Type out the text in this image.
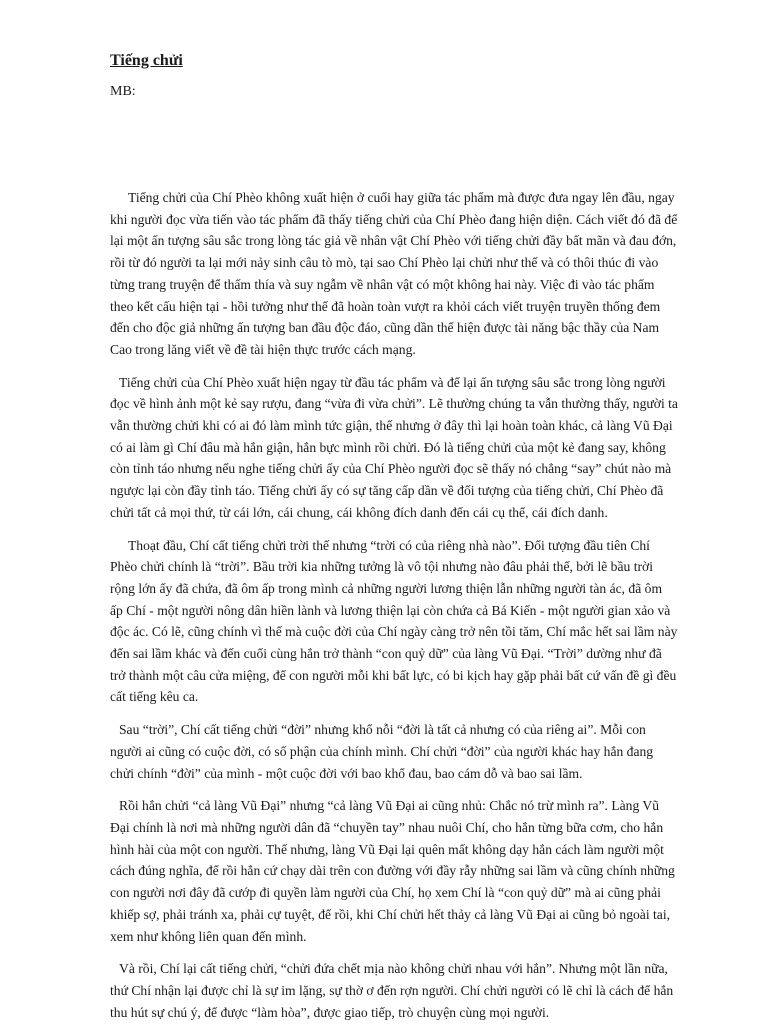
Tiếng chửi

MB:

Tiếng chửi của Chí Phèo không xuất hiện ở cuối hay giữa tác phẩm mà được đưa ngay lên đầu, ngay khi người đọc vừa tiến vào tác phẩm đã thấy tiếng chửi của Chí Phèo đang hiện diện. Cách viết đó đã để lại một ấn tượng sâu sắc trong lòng tác giả về nhân vật Chí Phèo với tiếng chửi đầy bất mãn và đau đớn, rồi từ đó người ta lại mới nảy sinh câu tò mò, tại sao Chí Phèo lại chửi như thế và có thôi thúc đi vào từng trang truyện để thấm thía và suy ngẫm về nhân vật có một không hai này. Việc đi vào tác phẩm theo kết cấu hiện tại - hồi tưởng như thế đã hoàn toàn vượt ra khỏi cách viết truyện truyền thống đem đến cho độc giả những ấn tượng ban đầu độc đáo, cũng dần thể hiện được tài năng bậc thầy của Nam Cao trong lăng viết về đề tài hiện thực trước cách mạng.

Tiếng chửi của Chí Phèo xuất hiện ngay từ đầu tác phẩm và để lại ấn tượng sâu sắc trong lòng người đọc về hình ảnh một kẻ say rượu, đang “vừa đi vừa chửi”. Lẽ thường chúng ta vẫn thường thấy, người ta vẫn thường chửi khi có ai đó làm mình tức giận, thế nhưng ở đây thì lại hoàn toàn khác, cả làng Vũ Đại có ai làm gì Chí đâu mà hắn giận, hắn bực mình rồi chửi. Đó là tiếng chửi của một kẻ đang say, không còn tỉnh táo nhưng nếu nghe tiếng chửi ấy của Chí Phèo người đọc sẽ thấy nó chẳng “say” chút nào mà ngược lại còn đầy tỉnh táo. Tiếng chửi ấy có sự tăng cấp dần về đối tượng của tiếng chửi, Chí Phèo đã chửi tất cả mọi thứ, từ cái lớn, cái chung, cái không đích danh đến cái cụ thể, cái đích danh.

Thoạt đầu, Chí cất tiếng chửi trời thế nhưng “trời có của riêng nhà nào”. Đối tượng đầu tiên Chí Phèo chửi chính là “trời”. Bầu trời kia những tưởng là vô tội nhưng nào đâu phải thế, bởi lẽ bầu trời rộng lớn ấy đã chứa, đã ôm ấp trong mình cả những người lương thiện lẫn những người tàn ác, đã ôm ấp Chí - một người nông dân hiền lành và lương thiện lại còn chứa cả Bá Kiến - một người gian xảo và độc ác. Có lẽ, cũng chính vì thế mà cuộc đời của Chí ngày càng trở nên tồi tăm, Chí mắc hết sai lầm này đến sai lầm khác và đến cuối cùng hắn trở thành “con quỷ dữ” của làng Vũ Đại. “Trời” dường như đã trở thành một câu cửa miệng, để con người mỗi khi bất lực, có bi kịch hay gặp phải bất cứ vấn đề gì đều cất tiếng kêu ca.

Sau “trời”, Chí cất tiếng chửi “đời” nhưng khổ nỗi “đời là tất cả nhưng có của riêng ai”. Mỗi con người ai cũng có cuộc đời, có số phận của chính mình. Chí chửi “đời” của người khác hay hắn đang chửi chính “đời” của mình - một cuộc đời với bao khổ đau, bao cám dỗ và bao sai lầm.

Rồi hắn chửi “cả làng Vũ Đại” nhưng “cả làng Vũ Đại ai cũng nhủ: Chắc nó trừ mình ra”. Làng Vũ Đại chính là nơi mà những người dân đã “chuyền tay” nhau nuôi Chí, cho hắn từng bữa cơm, cho hắn hình hài của một con người. Thế nhưng, làng Vũ Đại lại quên mất không dạy hắn cách làm người một cách đúng nghĩa, để rồi hắn cứ chạy dài trên con đường với đầy rẫy những sai lầm và cũng chính những con người nơi đây đã cướp đi quyền làm người của Chí, họ xem Chí là “con quỷ dữ” mà ai cũng phải khiếp sợ, phải tránh xa, phải cự tuyệt, để rồi, khi Chí chửi hết thảy cả làng Vũ Đại ai cũng bỏ ngoài tai, xem như không liên quan đến mình.

Và rồi, Chí lại cất tiếng chửi, “chửi đứa chết mịa nào không chửi nhau với hắn”. Nhưng một lần nữa, thứ Chí nhận lại được chỉ là sự im lặng, sự thờ ơ đến rợn người. Chí chửi người có lẽ chỉ là cách để hắn thu hút sự chú ý, để được “làm hòa”, được giao tiếp, trò chuyện cùng mọi người.
